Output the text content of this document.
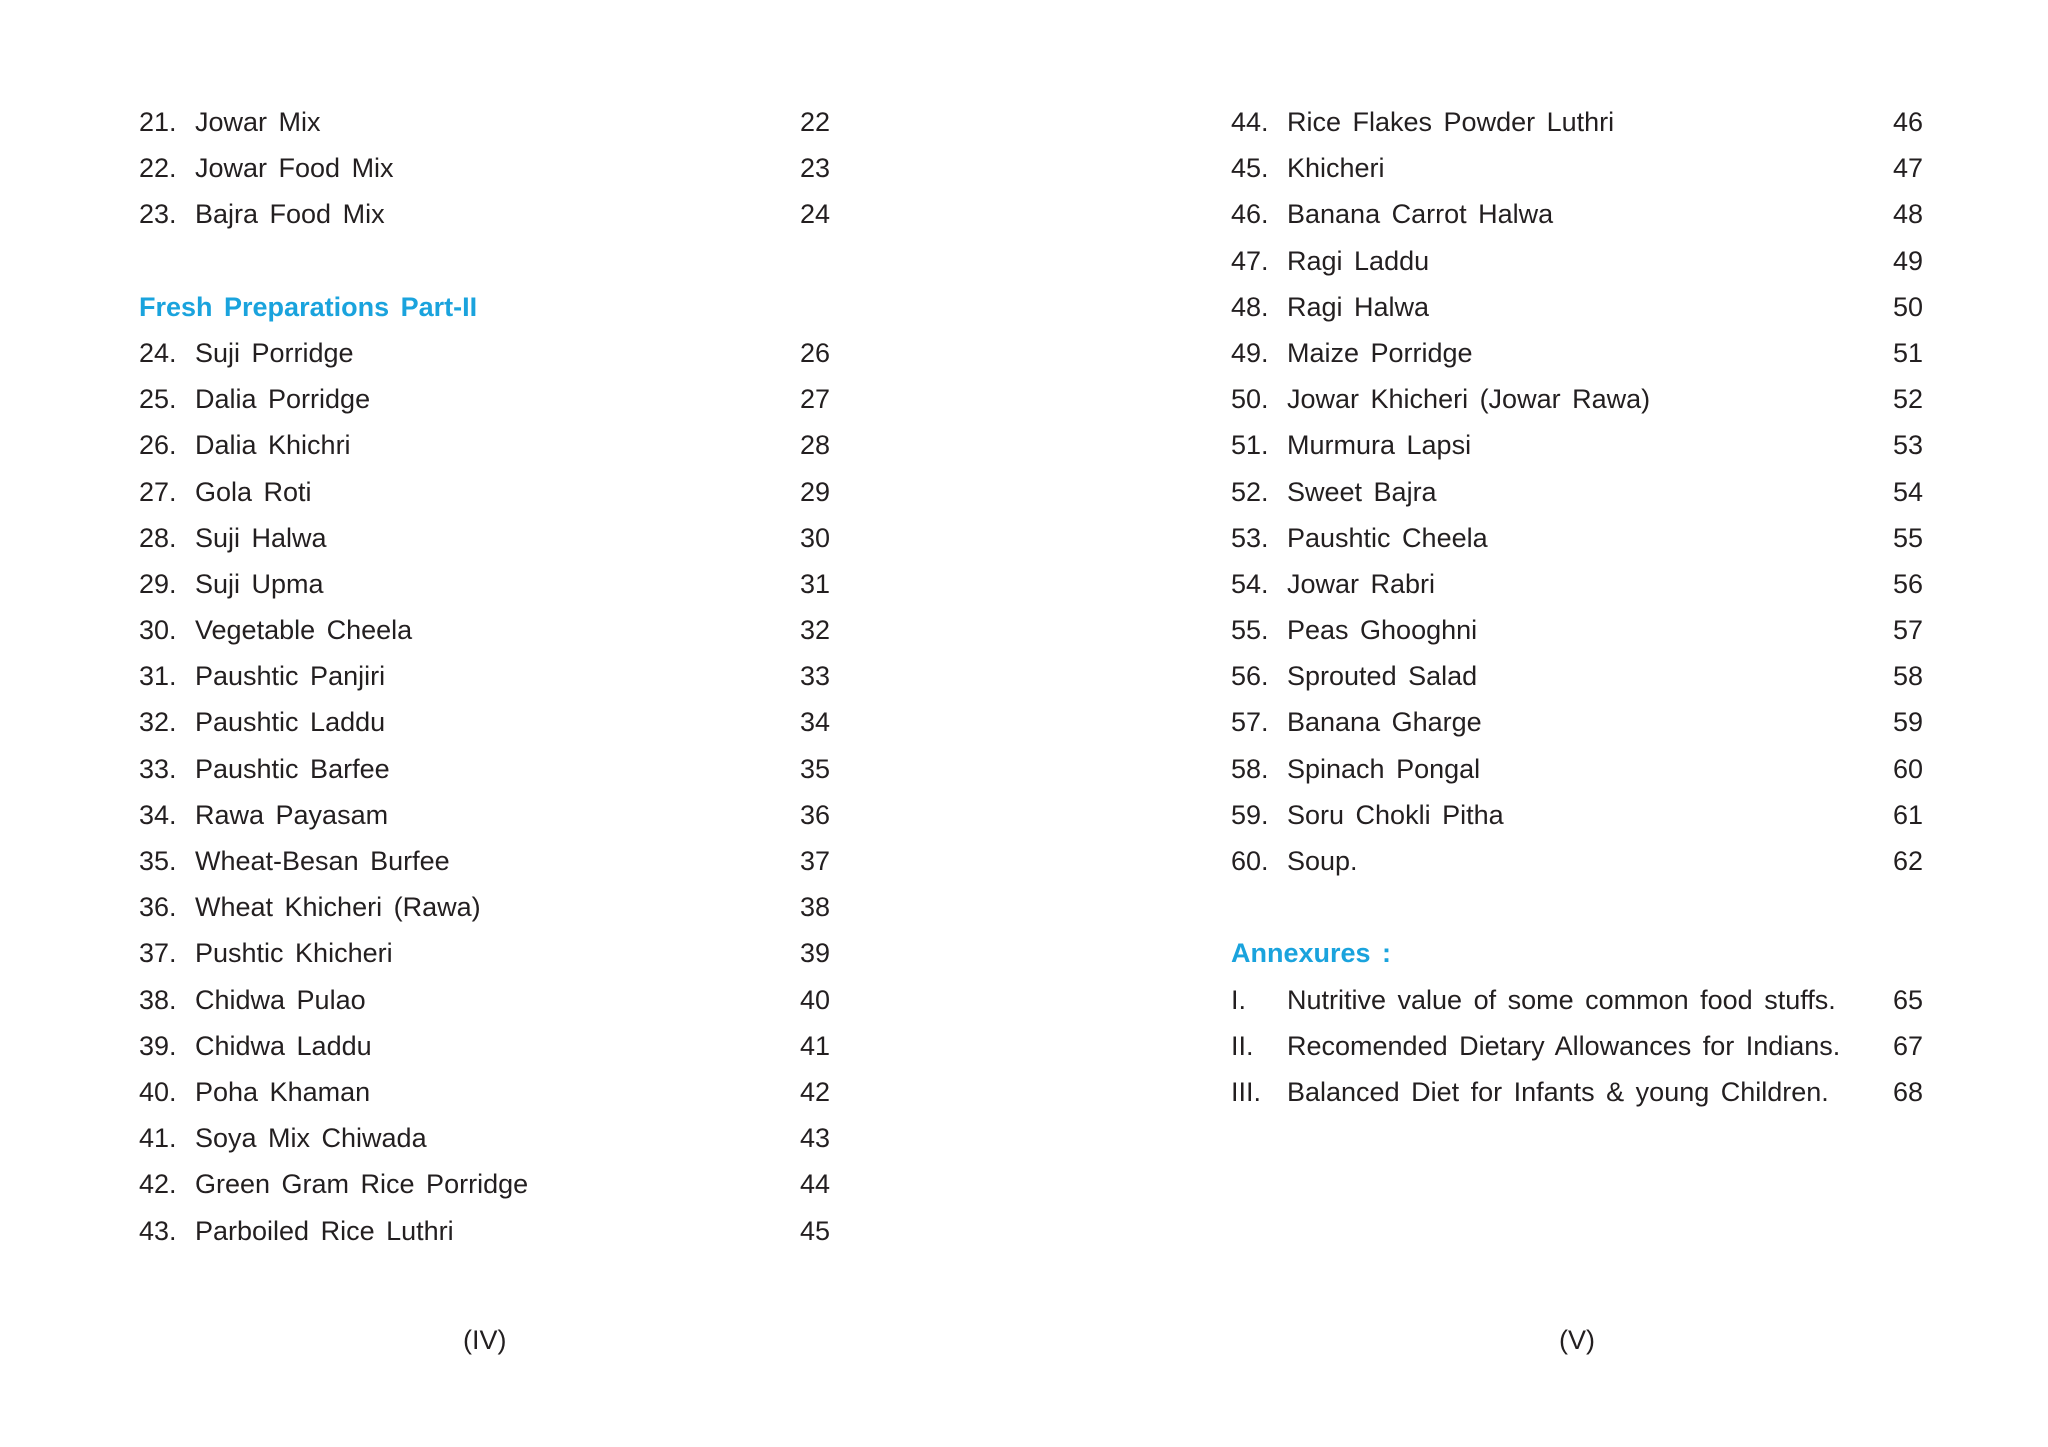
21. Jowar Mix	22
22. Jowar Food Mix	23
23. Bajra Food Mix	24
Fresh Preparations Part-II
24. Suji Porridge	26
25. Dalia Porridge	27
26. Dalia Khichri	28
27. Gola Roti	29
28. Suji Halwa	30
29. Suji Upma	31
30. Vegetable Cheela	32
31. Paushtic Panjiri	33
32. Paushtic Laddu	34
33. Paushtic Barfee	35
34. Rawa Payasam	36
35. Wheat-Besan Burfee	37
36. Wheat Khicheri (Rawa)	38
37. Pushtic Khicheri	39
38. Chidwa Pulao	40
39. Chidwa Laddu	41
40. Poha Khaman	42
41. Soya Mix Chiwada	43
42. Green Gram Rice Porridge	44
43. Parboiled Rice Luthri	45
44. Rice Flakes Powder Luthri	46
45. Khicheri	47
46. Banana Carrot Halwa	48
47. Ragi Laddu	49
48. Ragi Halwa	50
49. Maize Porridge	51
50. Jowar Khicheri (Jowar Rawa)	52
51. Murmura Lapsi	53
52. Sweet Bajra	54
53. Paushtic Cheela	55
54. Jowar Rabri	56
55. Peas Ghooghni	57
56. Sprouted Salad	58
57. Banana Gharge	59
58. Spinach Pongal	60
59. Soru Chokli Pitha	61
60. Soup.	62
Annexures :
I. Nutritive value of some common food stuffs. 65
II. Recomended Dietary Allowances for Indians. 67
III. Balanced Diet for Infants & young Children. 68
(IV)	(V)
